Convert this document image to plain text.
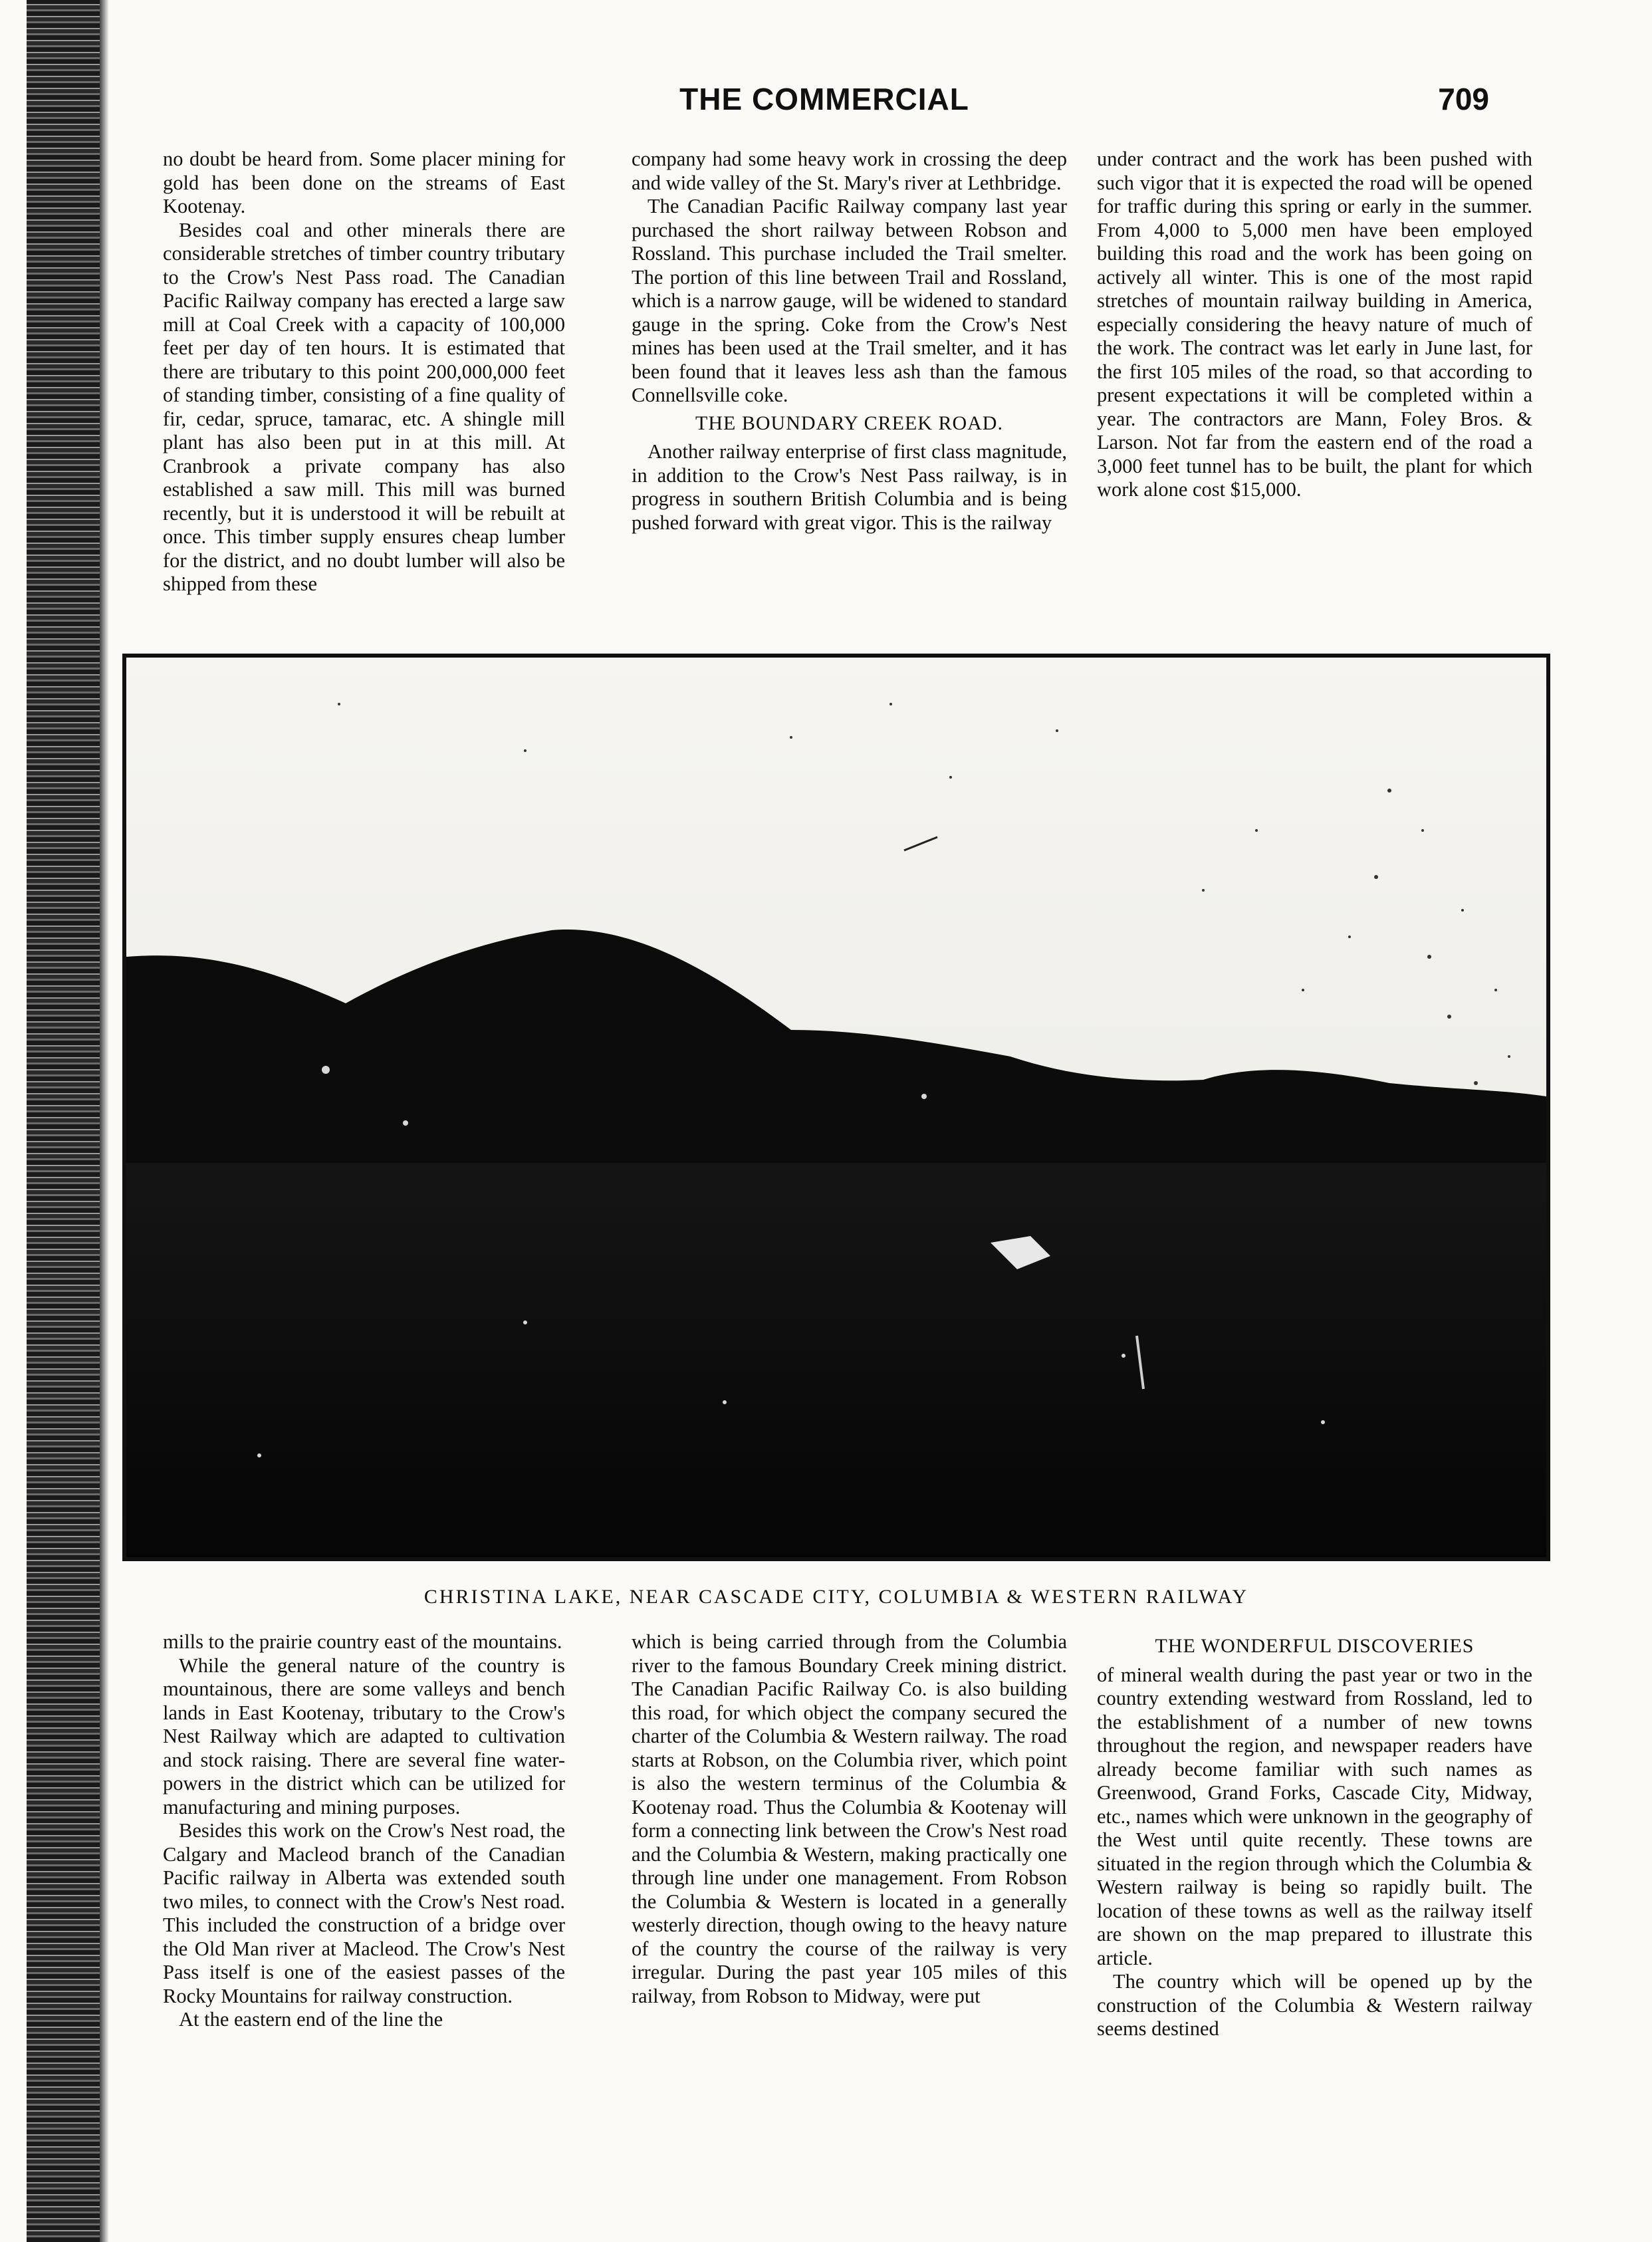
THE COMMERCIAL	709

no doubt be heard from. Some placer mining for gold has been done on the streams of East Kootenay.

Besides coal and other minerals there are considerable stretches of timber country tributary to the Crow's Nest Pass road. The Canadian Pacific Railway company has erected a large saw mill at Coal Creek with a capacity of 100,000 feet per day of ten hours. It is estimated that there are tributary to this point 200,000,000 feet of standing timber, consisting of a fine quality of fir, cedar, spruce, tamarac, etc. A shingle mill plant has also been put in at this mill. At Cranbrook a private company has also established a saw mill. This mill was burned recently, but it is understood it will be rebuilt at once. This timber supply ensures cheap lumber for the district, and no doubt lumber will also be shipped from these

company had some heavy work in crossing the deep and wide valley of the St. Mary's river at Lethbridge.

The Canadian Pacific Railway company last year purchased the short railway between Robson and Rossland. This purchase included the Trail smelter. The portion of this line between Trail and Rossland, which is a narrow gauge, will be widened to standard gauge in the spring. Coke from the Crow's Nest mines has been used at the Trail smelter, and it has been found that it leaves less ash than the famous Connellsville coke.

THE BOUNDARY CREEK ROAD.

Another railway enterprise of first class magnitude, in addition to the Crow's Nest Pass railway, is in progress in southern British Columbia and is being pushed forward with great vigor. This is the railway

under contract and the work has been pushed with such vigor that it is expected the road will be opened for traffic during this spring or early in the summer. From 4,000 to 5,000 men have been employed building this road and the work has been going on actively all winter. This is one of the most rapid stretches of mountain railway building in America, especially considering the heavy nature of much of the work. The contract was let early in June last, for the first 105 miles of the road, so that according to present expectations it will be completed within a year. The contractors are Mann, Foley Bros. & Larson. Not far from the eastern end of the road a 3,000 feet tunnel has to be built, the plant for which work alone cost $15,000.

CHRISTINA LAKE, NEAR CASCADE CITY, COLUMBIA & WESTERN RAILWAY

mills to the prairie country east of the mountains.

While the general nature of the country is mountainous, there are some valleys and bench lands in East Kootenay, tributary to the Crow's Nest Railway which are adapted to cultivation and stock raising. There are several fine water-powers in the district which can be utilized for manufacturing and mining purposes.

Besides this work on the Crow's Nest road, the Calgary and Macleod branch of the Canadian Pacific railway in Alberta was extended south two miles, to connect with the Crow's Nest road. This included the construction of a bridge over the Old Man river at Macleod. The Crow's Nest Pass itself is one of the easiest passes of the Rocky Mountains for railway construction.

At the eastern end of the line the

which is being carried through from the Columbia river to the famous Boundary Creek mining district. The Canadian Pacific Railway Co. is also building this road, for which object the company secured the charter of the Columbia & Western railway. The road starts at Robson, on the Columbia river, which point is also the western terminus of the Columbia & Kootenay road. Thus the Columbia & Kootenay will form a connecting link between the Crow's Nest road and the Columbia & Western, making practically one through line under one management. From Robson the Columbia & Western is located in a generally westerly direction, though owing to the heavy nature of the country the course of the railway is very irregular. During the past year 105 miles of this railway, from Robson to Midway, were put

THE WONDERFUL DISCOVERIES

of mineral wealth during the past year or two in the country extending westward from Rossland, led to the establishment of a number of new towns throughout the region, and newspaper readers have already become familiar with such names as Greenwood, Grand Forks, Cascade City, Midway, etc., names which were unknown in the geography of the West until quite recently. These towns are situated in the region through which the Columbia & Western railway is being so rapidly built. The location of these towns as well as the railway itself are shown on the map prepared to illustrate this article.

The country which will be opened up by the construction of the Columbia & Western railway seems destined
